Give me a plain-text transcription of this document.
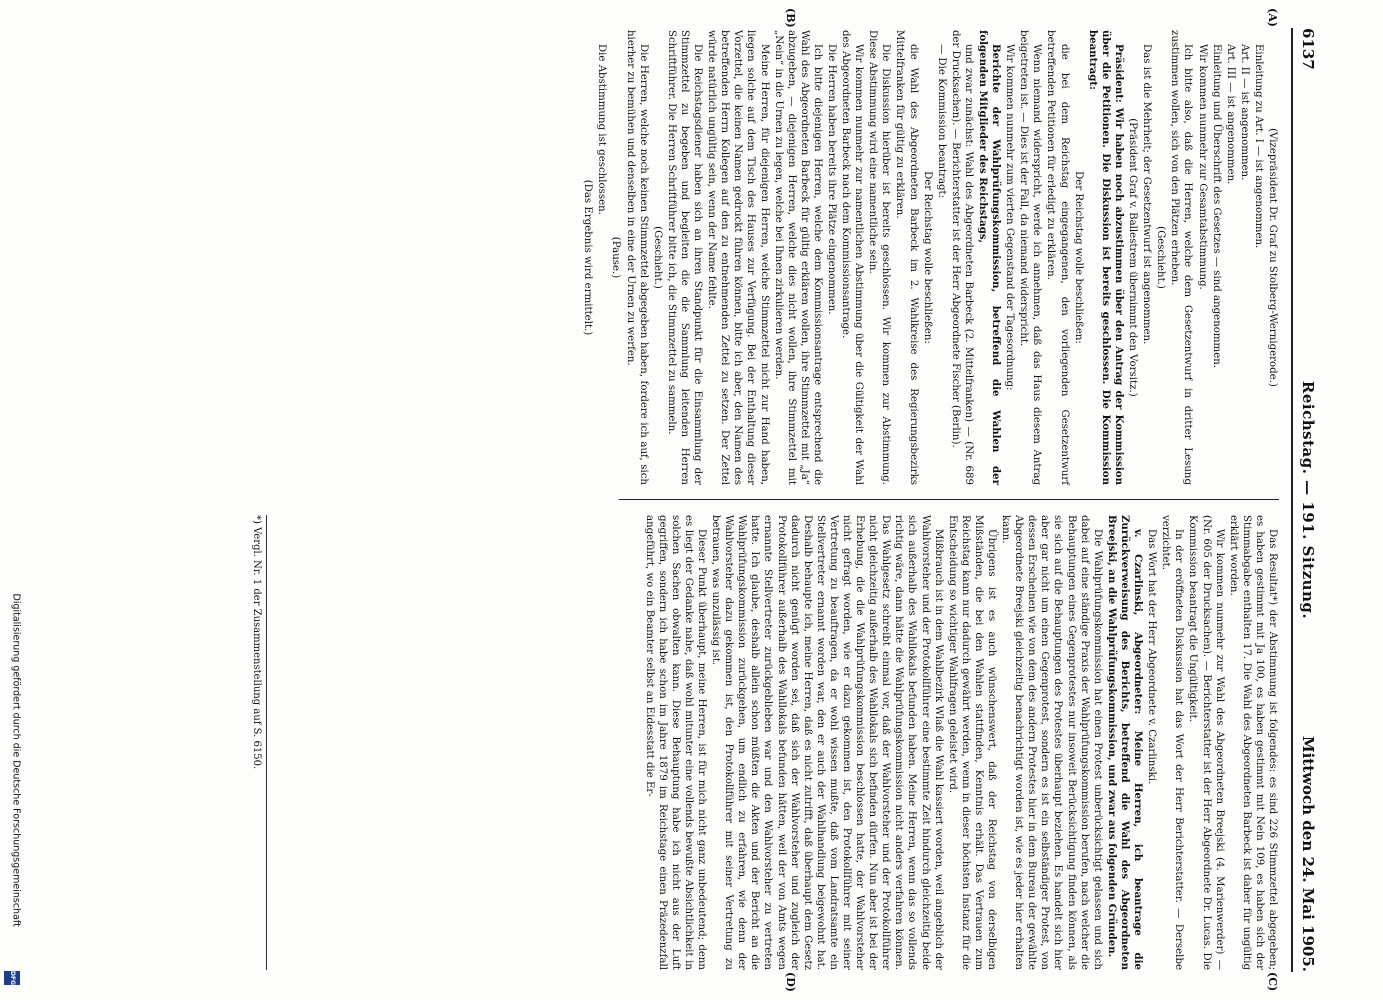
6137
Reichstag. — 191. Sitzung.
Mittwoch den 24. Mai 1905.
(A)
(B)
(C)
(D)

(Vizepräsident Dr. Graf zu Stolberg-Wernigerode.)

Einleitung zu Art. I — ist angenommen.

Art. II — ist angenommen.

Art. III — ist angenommen.

Einleitung und Überschrift des Gesetzes — sind angenommen.

Wir kommen nunmehr zur Gesamtabstimmung.

Ich bitte also, daß die Herren, welche dem Gesetzentwurf in dritter Lesung zustimmen wollen, sich von den Plätzen erheben.

(Geschieht.)

Das ist die Mehrheit; der Gesetzentwurf ist angenommen.

(Präsident Graf v. Ballestrem übernimmt den Vorsitz.)

Präsident: Wir haben noch abzustimmen über den Antrag der Kommission über die Petitionen. Die Diskussion ist bereits geschlossen. Die Kommission beantragt:

Der Reichstag wolle beschließen:

die bei dem Reichstag eingegangenen, den vorliegenden Gesetzentwurf betreffenden Petitionen für erledigt zu erklären.

Wenn niemand widerspricht, werde ich annehmen, daß das Haus diesem Antrag beigetreten ist. — Dies ist der Fall, da niemand widerspricht.

Wir kommen nunmehr zum vierten Gegenstand der Tagesordnung:

Berichte der Wahlprüfungskommission, betreffend die Wahlen der folgenden Mitglieder des Reichstags,

und zwar zunächst: Wahl des Abgeordneten Barbeck (2. Mittelfranken) — (Nr. 689 der Drucksachen). — Berichterstatter ist der Herr Abgeordnete Fischer (Berlin).

— Die Kommission beantragt:

Der Reichstag wolle beschließen:

die Wahl des Abgeordneten Barbeck im 2. Wahlkreise des Regierungsbezirks Mittelfranken für gültig zu erklären.

Die Diskussion hierüber ist bereits geschlossen. Wir kommen zur Abstimmung. Diese Abstimmung wird eine namentliche sein.

Wir kommen nunmehr zur namentlichen Abstimmung über die Gültigkeit der Wahl des Abgeordneten Barbeck nach dem Kommissionsantrage.

Die Herren haben bereits ihre Plätze eingenommen.

Ich bitte diejenigen Herren, welche dem Kommissionsantrage entsprechend die Wahl des Abgeordneten Barbeck für gültig erklären wollen, ihre Stimmzettel mit „Ja“ abzugeben, — diejenigen Herren, welche dies nicht wollen, ihre Stimmzettel mit „Nein“ in die Urnen zu legen, welche bei Ihnen zirkulieren werden.

Meine Herren, für diejenigen Herren, welche Stimmzettel nicht zur Hand haben, liegen solche auf dem Tisch des Hauses zur Verfügung. Bei der Enthaltung dieser Vorzettel, die keinen Namen gedruckt führen können, bitte ich aber, den Namen des betreffenden Herrn Kollegen auf den zu entnehmenden Zettel zu setzen. Der Zettel würde natürlich ungültig sein, wenn der Name fehlte.

Die Reichstagsdiener haben sich an ihren Standpunkt für die Einsammlung der Stimmzettel zu begeben und begleiten die die Sammlung leitenden Herren Schriftführer. Die Herren Schriftführer bitte ich, die Stimmzettel zu sammeln.

(Geschieht.)

Die Herren, welche noch keinen Stimmzettel abgegeben haben, fordere ich auf, sich hierher zu bemühen und denselben in eine der Urnen zu werfen.

(Pause.)

Die Abstimmung ist geschlossen.

(Das Ergebnis wird ermittelt.)

Das Resultat*) der Abstimmung ist folgendes: es sind 226 Stimmzettel abgegeben; es haben gestimmt mit Ja 100, es haben gestimmt mit Nein 109, es haben sich der Stimmabgabe enthalten 17. Die Wahl des Abgeordneten Barbeck ist daher für ungültig erklärt worden.

Wir kommen nunmehr zur Wahl des Abgeordneten Breejski (4. Marienwerder) — (Nr. 605 der Drucksachen). — Berichterstatter ist der Herr Abgeordnete Dr. Lucas. Die Kommission beantragt die Ungültigkeit.

In der eröffneten Diskussion hat das Wort der Herr Berichterstatter. — Derselbe verzichtet.

Das Wort hat der Herr Abgeordnete v. Czarlinski.

v. Czarlinski, Abgeordneter: Meine Herren, ich beantrage die Zurückverweisung des Berichts, betreffend die Wahl des Abgeordneten Breejski, an die Wahlprüfungskommission, und zwar aus folgenden Gründen.

Die Wahlprüfungskommission hat einen Protest unberücksichtigt gelassen und sich dabei auf eine ständige Praxis der Wahlprüfungskommission berufen, nach welcher die Behauptungen eines Gegenprotestes nur insoweit Berücksichtigung finden können, als sie sich auf die Behauptungen des Protestes überhaupt beziehen. Es handelt sich hier aber gar nicht um einen Gegenprotest, sondern es ist ein selbständiger Protest, von dessen Erscheinen wie von dem des andern Protestes hier in dem Bureau der gewählte Abgeordnete Breejski gleichzeitig benachrichtigt worden ist, wie es jeder hier erhalten kann.

Übrigens ist es auch wünschenswert, daß der Reichstag von derselbigen Mißständen, die bei den Wahlen stattfinden, Kenntnis erhält. Das Vertrauen zum Reichstag kann nur dadurch gewährt werden, wenn in dieser höchsten Instanz für die Entscheidung so wichtiger Wahlfragen geleistet wird.

Mißbrauch ist in dem Wahlbezirk Wlaß die Wahl kassiert worden, weil angeblich der Wahlvorsteher und der Protokollführer eine bestimmte Zeit hindurch gleichzeitig beide sich außerhalb des Wahllokals befunden haben. Meine Herren, wenn das so vollends richtig wäre, dann hätte die Wahlprüfungskommission nicht anders verfahren können. Das Wahlgesetz schreibt einmal vor, daß der Wahlvorsteher und der Protokollführer nicht gleichzeitig außerhalb des Wahllokals sich befinden dürfen. Nun aber ist bei der Erhebung, die die Wahlprüfungskommission beschlossen hatte, der Wahlvorsteher nicht gefragt worden, wie er dazu gekommen ist, den Protokollführer mit seiner Vertretung zu beauftragen, da er wohl wissen mußte, daß vom Landratsamte ein Stellvertreter ernannt worden war, den er auch der Wahlhandlung beigewohnt hat. Deshalb behaupte ich, meine Herren, daß es nicht zutrifft, daß überhaupt dem Gesetz dadurch nicht genügt worden sei, daß sich der Wahlvorsteher und zugleich der Protokollführer außerhalb des Wahllokals befunden hätten, weil der von Amts wegen ernannte Stellvertreter zurückgeblieben war und den Wahlvorsteher zu vertreten hatte. Ich glaube, deshalb allein schon müßten die Akten und der Bericht an die Wahlprüfungskommission zurückgehen, um endlich zu erfahren, wie denn der Wahlvorsteher dazu gekommen ist, den Protokollführer mit seiner Vertretung zu betrauen, was unzulässig ist.

Dieser Punkt überhaupt, meine Herren, ist für mich nicht ganz unbedeutend; denn es liegt der Gedanke nahe, daß wohl mitunter eine vollends bewußte Absichtlichkeit in solchen Sachen obwalten kann. Diese Behauptung habe ich nicht aus der Luft gegriffen, sondern ich habe schon im Jahre 1879 im Reichstage einen Präzedenzfall angeführt, wo ein Beamter selbst an Eidesstatt die Er-

*) Vergl. Nr. 1 der Zusammenstellung auf S. 6150.
Digitalisierung gefördert durch die Deutsche Forschungsgemeinschaft
DFG
